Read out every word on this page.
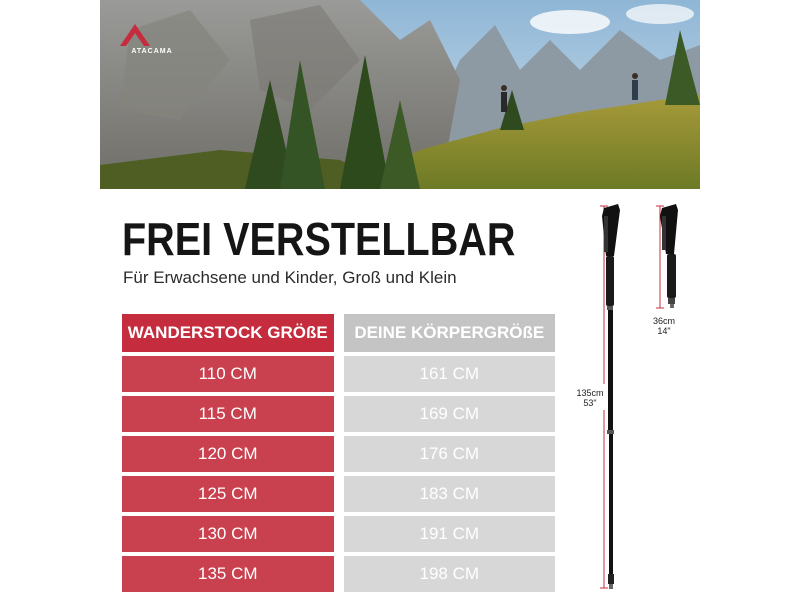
ATACAMA
FREI VERSTELLBAR

Für Erwachsene und Kinder, Groß und Klein

WANDERSTOCK GRÖßE	DEINE KÖRPERGRÖßE
110 CM	161 CM
115 CM	169 CM
120 CM	176 CM
125 CM	183 CM
130 CM	191 CM
135 CM	198 CM
135cm
53"
36cm
14"
